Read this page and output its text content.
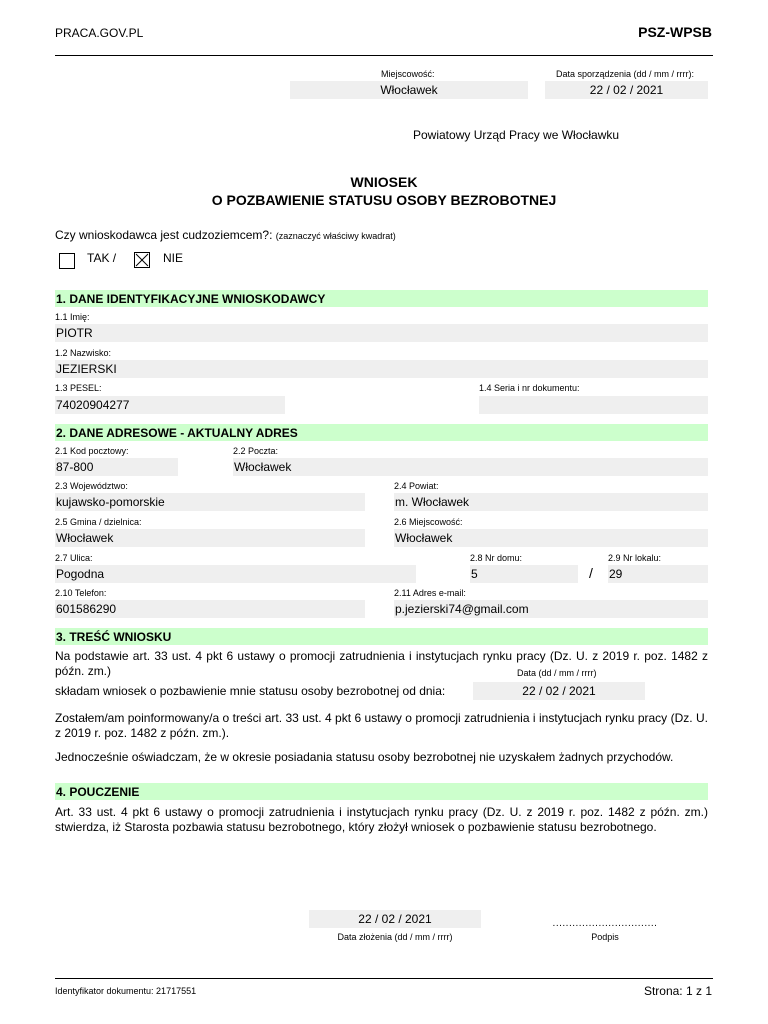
PRACA.GOV.PL	PSZ-WPSB
Miejscowość:
Włocławek
Data sporządzenia (dd / mm / rrrr):
22 / 02 / 2021
Powiatowy Urząd Pracy we Włocławku
WNIOSEK
O POZBAWIENIE STATUSU OSOBY BEZROBOTNEJ
Czy wnioskodawca jest cudzoziemcem?: (zaznaczyć właściwy kwadrat)
TAK /	NIE
1. DANE IDENTYFIKACYJNE WNIOSKODAWCY
1.1 Imię:
PIOTR
1.2 Nazwisko:
JEZIERSKI
1.3 PESEL:
74020904277
1.4 Seria i nr dokumentu:
2. DANE ADRESOWE - AKTUALNY ADRES
2.1 Kod pocztowy:
87-800
2.2 Poczta:
Włocławek
2.3 Województwo:
kujawsko-pomorskie
2.4 Powiat:
m. Włocławek
2.5 Gmina / dzielnica:
Włocławek
2.6 Miejscowość:
Włocławek
2.7 Ulica:
Pogodna
2.8 Nr domu:
5	/
2.9 Nr lokalu:
29
2.10 Telefon:
601586290
2.11 Adres e-mail:
p.jezierski74@gmail.com
3. TREŚĆ WNIOSKU
Na podstawie art. 33 ust. 4 pkt 6 ustawy o promocji zatrudnienia i instytucjach rynku pracy (Dz. U. z 2019 r. poz. 1482 z późn. zm.)	Data (dd / mm / rrrr)
składam wniosek o pozbawienie mnie statusu osoby bezrobotnej od dnia:	22 / 02 / 2021
Zostałem/am poinformowany/a o treści art. 33 ust. 4 pkt 6 ustawy o promocji zatrudnienia i instytucjach rynku pracy (Dz. U. z 2019 r. poz. 1482 z późn. zm.).
Jednocześnie oświadczam, że w okresie posiadania statusu osoby bezrobotnej nie uzyskałem żadnych przychodów.
4. POUCZENIE
Art. 33 ust. 4 pkt 6 ustawy o promocji zatrudnienia i instytucjach rynku pracy (Dz. U. z 2019 r. poz. 1482 z późn. zm.) stwierdza, iż Starosta pozbawia statusu bezrobotnego, który złożył wniosek o pozbawienie statusu bezrobotnego.
22 / 02 / 2021
Data złożenia (dd / mm / rrrr)
................................
Podpis
Identyfikator dokumentu: 21717551	Strona: 1 z 1
